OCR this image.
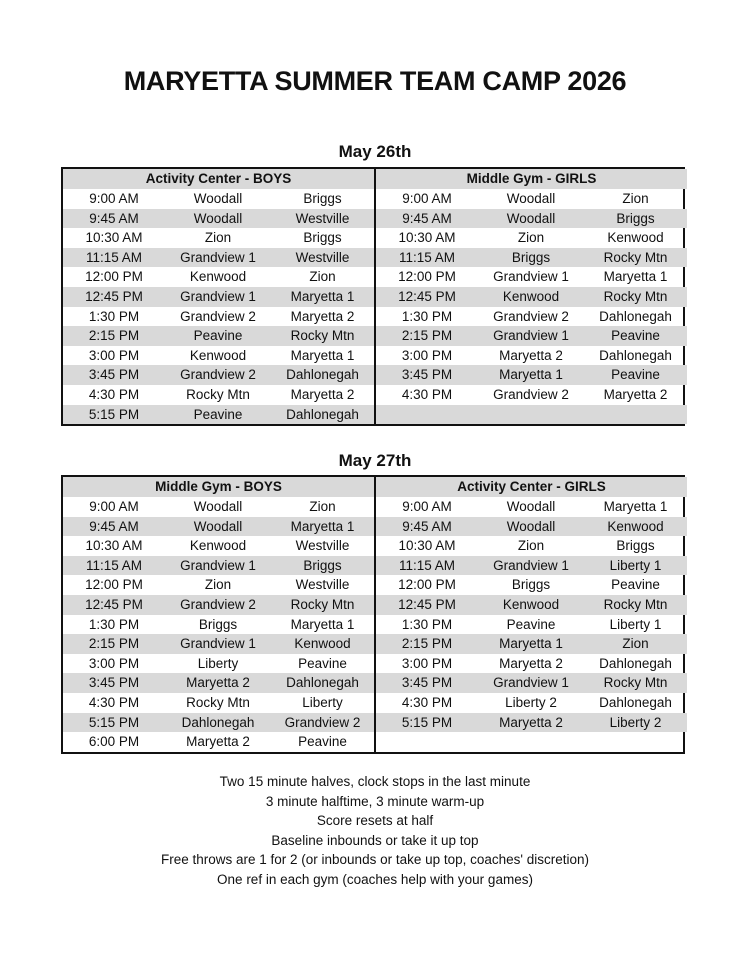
MARYETTA SUMMER TEAM CAMP 2026
May 26th
Activity Center - BOYS
9:00 AM	Woodall	Briggs
9:45 AM	Woodall	Westville
10:30 AM	Zion	Briggs
11:15 AM	Grandview 1	Westville
12:00 PM	Kenwood	Zion
12:45 PM	Grandview 1	Maryetta 1
1:30 PM	Grandview 2	Maryetta 2
2:15 PM	Peavine	Rocky Mtn
3:00 PM	Kenwood	Maryetta 1
3:45 PM	Grandview 2	Dahlonegah
4:30 PM	Rocky Mtn	Maryetta 2
5:15 PM	Peavine	Dahlonegah
Middle Gym - GIRLS
9:00 AM	Woodall	Zion
9:45 AM	Woodall	Briggs
10:30 AM	Zion	Kenwood
11:15 AM	Briggs	Rocky Mtn
12:00 PM	Grandview 1	Maryetta 1
12:45 PM	Kenwood	Rocky Mtn
1:30 PM	Grandview 2	Dahlonegah
2:15 PM	Grandview 1	Peavine
3:00 PM	Maryetta 2	Dahlonegah
3:45 PM	Maryetta 1	Peavine
4:30 PM	Grandview 2	Maryetta 2
May 27th
Middle Gym - BOYS
9:00 AM	Woodall	Zion
9:45 AM	Woodall	Maryetta 1
10:30 AM	Kenwood	Westville
11:15 AM	Grandview 1	Briggs
12:00 PM	Zion	Westville
12:45 PM	Grandview 2	Rocky Mtn
1:30 PM	Briggs	Maryetta 1
2:15 PM	Grandview 1	Kenwood
3:00 PM	Liberty	Peavine
3:45 PM	Maryetta 2	Dahlonegah
4:30 PM	Rocky Mtn	Liberty
5:15 PM	Dahlonegah	Grandview 2
6:00 PM	Maryetta 2	Peavine
Activity Center - GIRLS
9:00 AM	Woodall	Maryetta 1
9:45 AM	Woodall	Kenwood
10:30 AM	Zion	Briggs
11:15 AM	Grandview 1	Liberty 1
12:00 PM	Briggs	Peavine
12:45 PM	Kenwood	Rocky Mtn
1:30 PM	Peavine	Liberty 1
2:15 PM	Maryetta 1	Zion
3:00 PM	Maryetta 2	Dahlonegah
3:45 PM	Grandview 1	Rocky Mtn
4:30 PM	Liberty 2	Dahlonegah
5:15 PM	Maryetta 2	Liberty 2
Two 15 minute halves, clock stops in the last minute
3 minute halftime, 3 minute warm-up
Score resets at half
Baseline inbounds or take it up top
Free throws are 1 for 2 (or inbounds or take up top, coaches' discretion)
One ref in each gym (coaches help with your games)
